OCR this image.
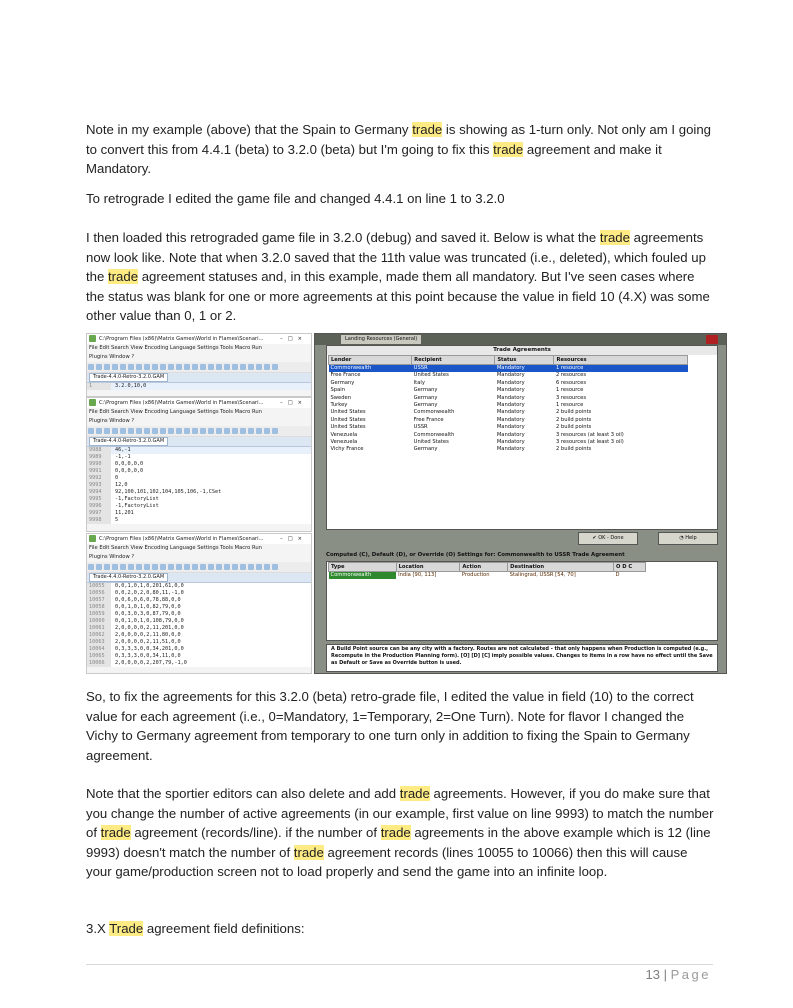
Note in my example (above) that the Spain to Germany trade is showing as 1-turn only. Not only am I going to convert this from 4.4.1 (beta) to 3.2.0 (beta) but I'm going to fix this trade agreement and make it Mandatory.
To retrograde I edited the game file and changed 4.4.1 on line 1 to 3.2.0
I then loaded this retrograded game file in 3.2.0 (debug) and saved it. Below is what the trade agreements now look like. Note that when 3.2.0 saved that the 11th value was truncated (i.e., deleted), which fouled up the trade agreement statuses and, in this example, made them all mandatory. But I've seen cases where the status was blank for one or more agreements at this point because the value in field 10 (4.X) was some other value than 0, 1 or 2.
C:\Program Files (x86)\Matrix Games\World in Flames\Scenari...	–□×
File Edit Search View Encoding Language Settings Tools Macro Run
Plugins Window ?
Trade-4.4.0-Retro-3.2.0.GAM
1	3.2.0,10,0
C:\Program Files (x86)\Matrix Games\World in Flames\Scenari...	–□×
File Edit Search View Encoding Language Settings Tools Macro Run
Plugins Window ?
Trade-4.4.0-Retro-3.2.0.GAM
9988	46,-1
9989	-1,-1
9990	0,0,0,0,0
9991	0,0,0,0,0
9992	0
9993	12,0
9994	92,100,101,102,104,105,106,-1,CSet
9995	-1,FactoryList
9996	-1,FactoryList
9997	11,201
9998	5
C:\Program Files (x86)\Matrix Games\World in Flames\Scenari...	–□×
File Edit Search View Encoding Language Settings Tools Macro Run
Plugins Window ?
Trade-4.4.0-Retro-3.2.0.GAM
10055 0,0,1,0,1,0,201,61,0,0
10056 0,0,2,0,2,0,80,11,-1,0
10057 0,0,6,0,6,0,78,88,0,0
10058 0,0,1,0,1,0,82,79,0,0
10059 0,0,3,0,3,0,87,79,0,0
10060 0,0,1,0,1,0,108,79,0,0
10061 2,0,0,0,0,2,11,201,0,0
10062 2,0,0,0,0,2,11,80,0,0
10063 2,0,0,0,0,2,11,51,0,0
10064 0,3,3,3,0,0,34,201,0,0
10065 0,3,3,3,0,0,34,11,0,0
10066 2,0,0,0,0,2,207,79,-1,0
Landing Resources (General)
Trade Agreements
Lender	Recipient	Status	Resources
Commonwealth	USSR	Mandatory	1 resource
Free France	United States	Mandatory	2 resources
Germany	Italy	Mandatory	6 resources
Spain	Germany	Mandatory	1 resource
Sweden	Germany	Mandatory	3 resources
Turkey	Germany	Mandatory	1 resource
United States	Commonwealth	Mandatory	2 build points
United States	Free France	Mandatory	2 build points
United States	USSR	Mandatory	2 build points
Venezuela	Commonwealth	Mandatory	3 resources (at least 3 oil)
Venezuela	United States	Mandatory	3 resources (at least 3 oil)
Vichy France	Germany	Mandatory	2 build points
✔ OK - Done	◔ Help
Computed (C), Default (D), or Override (O) Settings for: Commonwealth to USSR Trade Agreement
Type	Location	Action	Destination	O D C
Commonwealth	India [90, 113]	Production	Stalingrad, USSR [54, 70]	D
A Build Point source can be any city with a factory. Routes are not calculated - that only happens when Production is computed (e.g., Recompute in the Production Planning form). [O] [D] [C] imply possible values. Changes to items in a row have no effect until the Save as Default or Save as Override button is used.
So, to fix the agreements for this 3.2.0 (beta) retro-grade file, I edited the value in field (10) to the correct value for each agreement (i.e., 0=Mandatory, 1=Temporary, 2=One Turn). Note for flavor I changed the Vichy to Germany agreement from temporary to one turn only in addition to fixing the Spain to Germany agreement.
Note that the sportier editors can also delete and add trade agreements. However, if you do make sure that you change the number of active agreements (in our example, first value on line 9993) to match the number of trade agreement (records/line). if the number of trade agreements in the above example which is 12 (line 9993) doesn't match the number of trade agreement records (lines 10055 to 10066) then this will cause your game/production screen not to load properly and send the game into an infinite loop.
3.X Trade agreement field definitions:
13 | Page
